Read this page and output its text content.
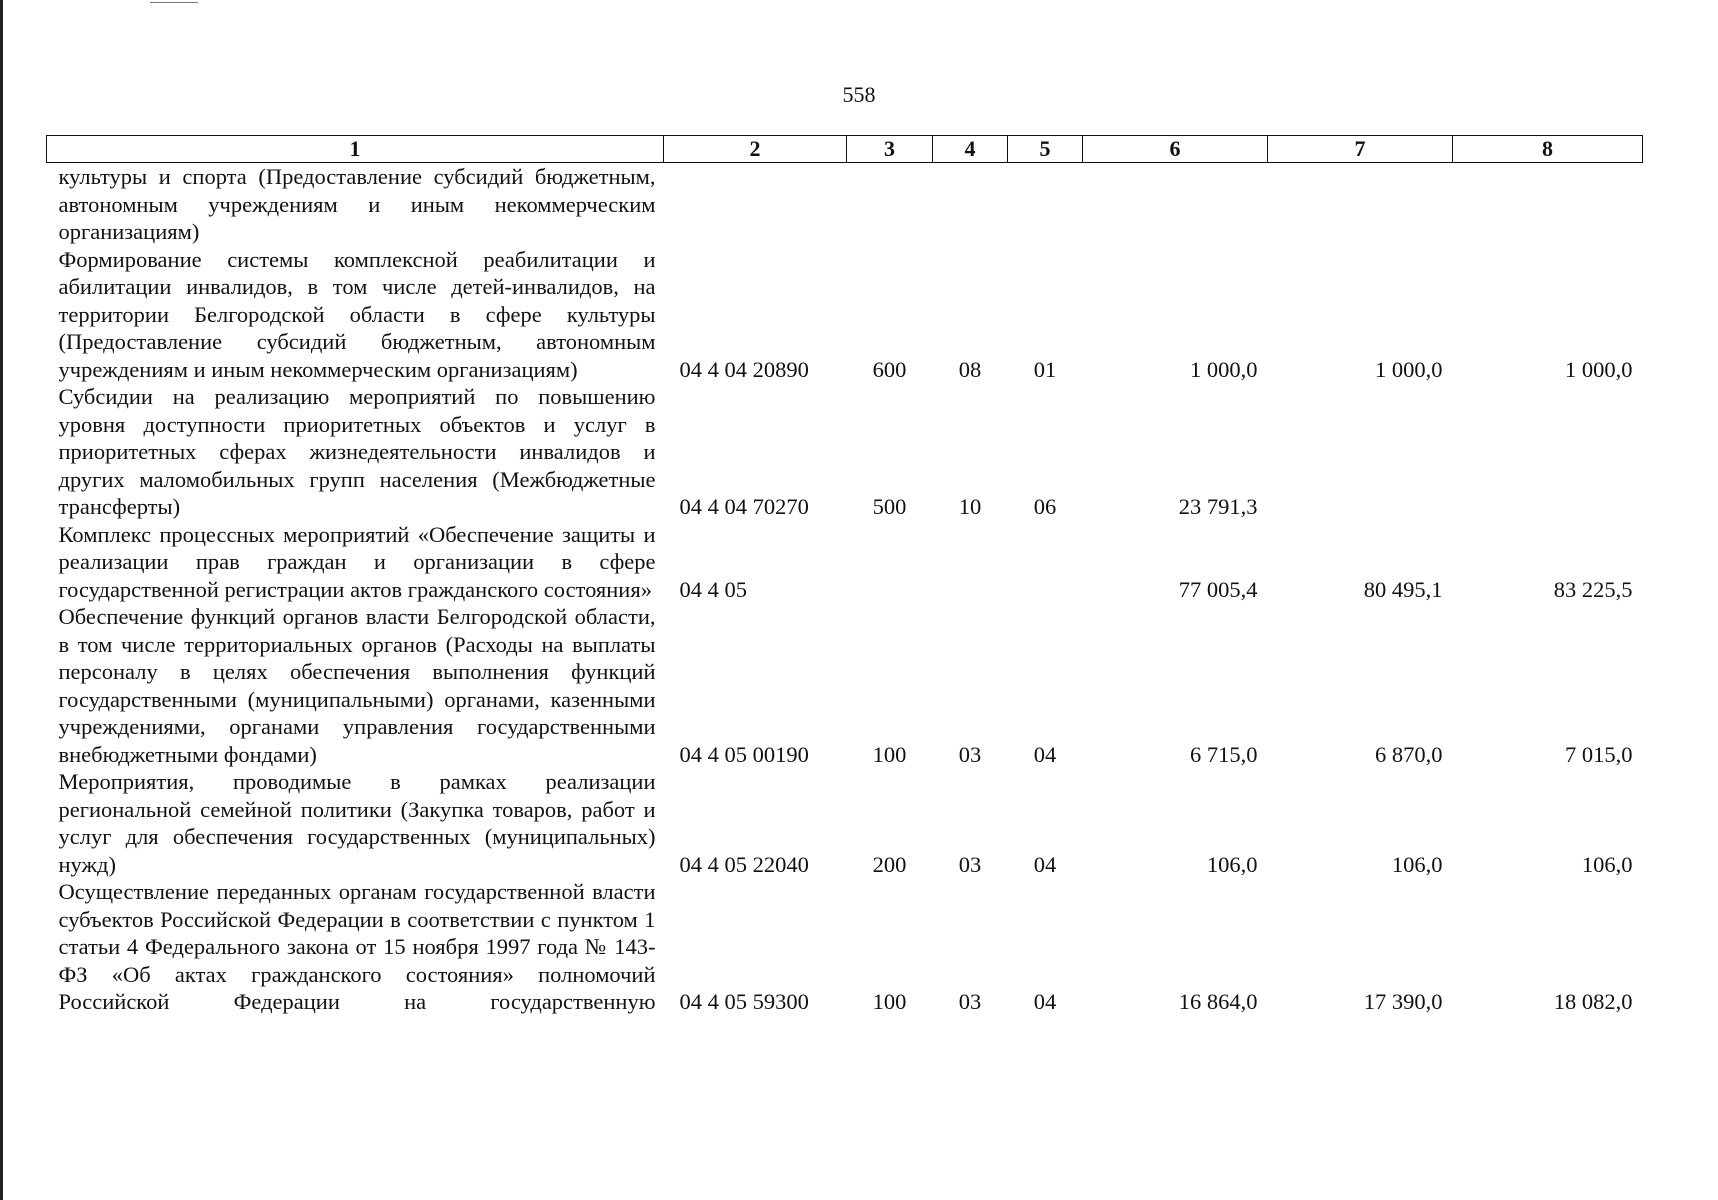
558
1	2	3	4	5	6	7	8
культуры и спорта (Предоставление субсидий бюджетным, автономным учреждениям и иным некоммерческим организациям)							
Формирование системы комплексной реабилитации и абилитации инвалидов, в том числе детей-инвалидов, на территории Белгородской области в сфере культуры (Предоставление субсидий бюджетным, автономным учреждениям и иным некоммерческим организациям)	04 4 04 20890	600	08	01	1 000,0	1 000,0	1 000,0
Субсидии на реализацию мероприятий по повышению уровня доступности приоритетных объектов и услуг в приоритетных сферах жизнедеятельности инвалидов и других маломобильных групп населения (Межбюджетные трансферты)	04 4 04 70270	500	10	06	23 791,3		
Комплекс процессных мероприятий «Обеспечение защиты и реализации прав граждан и организации в сфере государственной регистрации актов гражданского состояния»	04 4 05				77 005,4	80 495,1	83 225,5
Обеспечение функций органов власти Белгородской области, в том числе территориальных органов (Расходы на выплаты персоналу в целях обеспечения выполнения функций государственными (муниципальными) органами, казенными учреждениями, органами управления государственными внебюджетными фондами)	04 4 05 00190	100	03	04	6 715,0	6 870,0	7 015,0
Мероприятия, проводимые в рамках реализации региональной семейной политики (Закупка товаров, работ и услуг для обеспечения государственных (муниципальных) нужд)	04 4 05 22040	200	03	04	106,0	106,0	106,0
Осуществление переданных органам государственной власти субъектов Российской Федерации в соответствии с пунктом 1 статьи 4 Федерального закона от 15 ноября 1997 года № 143-ФЗ «Об актах гражданского состояния» полномочий Российской Федерации на государственную	04 4 05 59300	100	03	04	16 864,0	17 390,0	18 082,0
